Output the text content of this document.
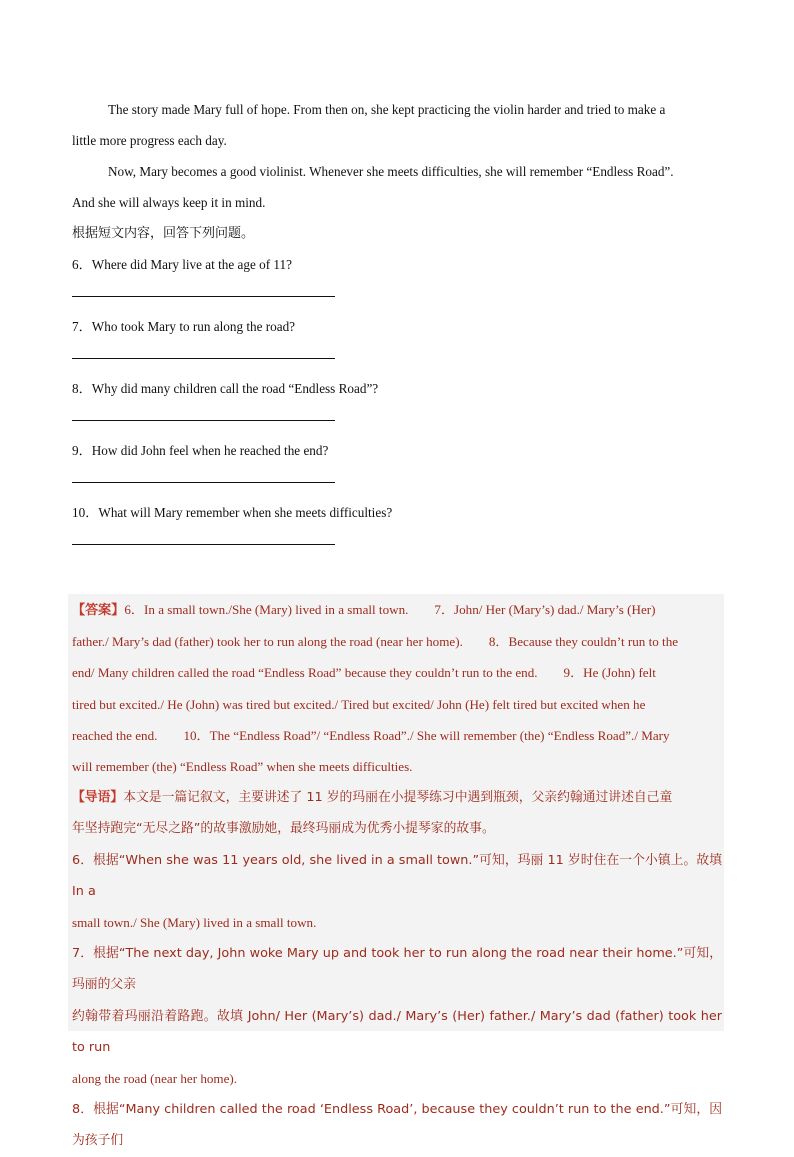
The story made Mary full of hope. From then on, she kept practicing the violin harder and tried to make a
little more progress each day.
Now, Mary becomes a good violinist. Whenever she meets difficulties, she will remember “Endless Road”.
And she will always keep it in mind.
根据短文内容，回答下列问题。
6．Where did Mary live at the age of 11?
7．Who took Mary to run along the road?
8．Why did many children call the road “Endless Road”?
9．How did John feel when he reached the end?
10．What will Mary remember when she meets difficulties?
【答案】6．In a small town./She (Mary) lived in a small town. 7．John/ Her (Mary’s) dad./ Mary’s (Her)
father./ Mary’s dad (father) took her to run along the road (near her home). 8．Because they couldn’t run to the
end/ Many children called the road “Endless Road” because they couldn’t run to the end. 9．He (John) felt
tired but excited./ He (John) was tired but excited./ Tired but excited/ John (He) felt tired but excited when he
reached the end. 10．The “Endless Road”/ “Endless Road”./ She will remember (the) “Endless Road”./ Mary
will remember (the) “Endless Road” when she meets difficulties.
【导语】本文是一篇记叙文，主要讲述了 11 岁的玛丽在小提琴练习中遇到瓶颈，父亲约翰通过讲述自己童
年坚持跑完“无尽之路”的故事激励她，最终玛丽成为优秀小提琴家的故事。
6．根据“When she was 11 years old, she lived in a small town.”可知，玛丽 11 岁时住在一个小镇上。故填 In a
small town./ She (Mary) lived in a small town.
7．根据“The next day, John woke Mary up and took her to run along the road near their home.”可知，玛丽的父亲
约翰带着玛丽沿着路跑。故填 John/ Her (Mary’s) dad./ Mary’s (Her) father./ Mary’s dad (father) took her to run
along the road (near her home).
8．根据“Many children called the road ‘Endless Road’, because they couldn’t run to the end.”可知，因为孩子们
